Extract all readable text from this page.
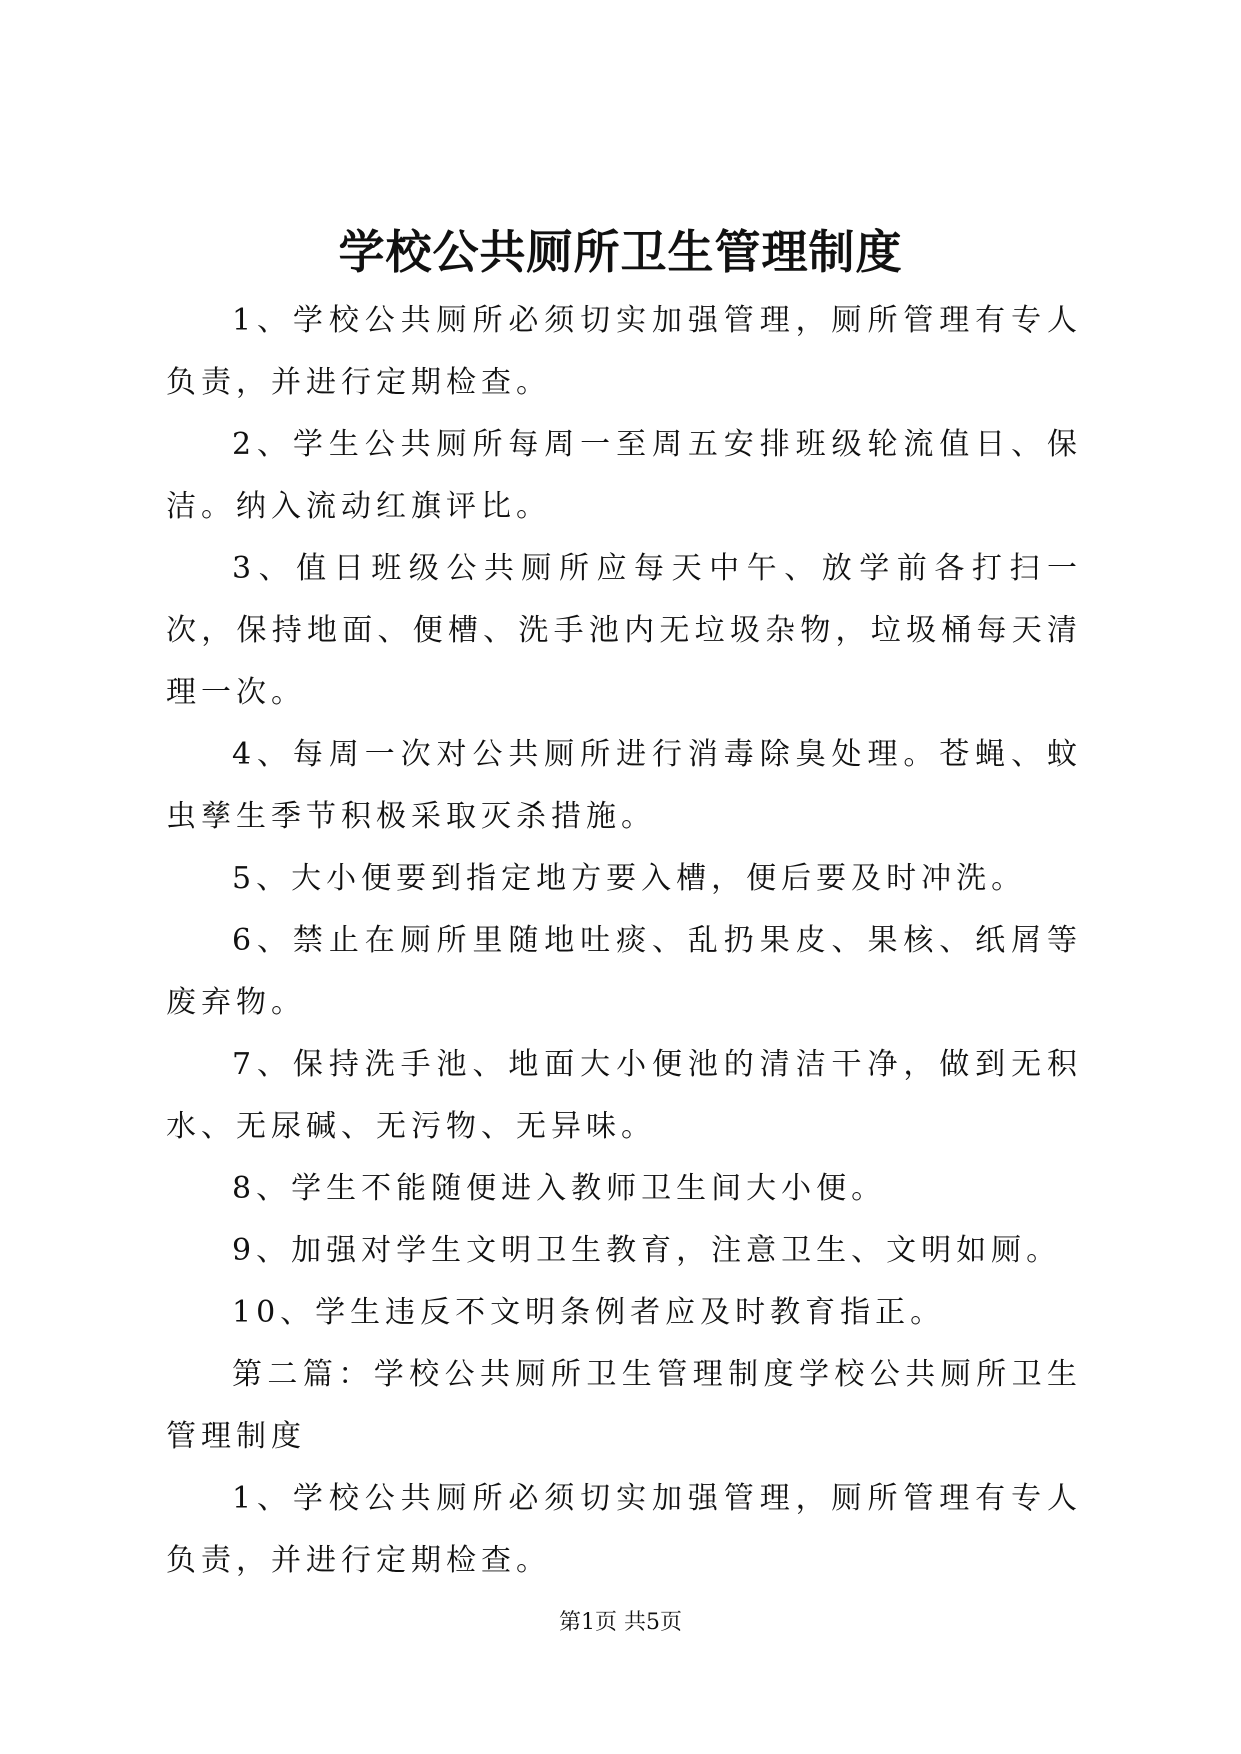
学校公共厕所卫生管理制度

1、学校公共厕所必须切实加强管理，厕所管理有专人负责，并进行定期检查。

2、学生公共厕所每周一至周五安排班级轮流值日、保洁。纳入流动红旗评比。

3、值日班级公共厕所应每天中午、放学前各打扫一次，保持地面、便槽、洗手池内无垃圾杂物，垃圾桶每天清理一次。

4、每周一次对公共厕所进行消毒除臭处理。苍蝇、蚊虫孳生季节积极采取灭杀措施。

5、大小便要到指定地方要入槽，便后要及时冲洗。

6、禁止在厕所里随地吐痰、乱扔果皮、果核、纸屑等废弃物。

7、保持洗手池、地面大小便池的清洁干净，做到无积水、无尿碱、无污物、无异味。

8、学生不能随便进入教师卫生间大小便。

9、加强对学生文明卫生教育，注意卫生、文明如厕。

10、学生违反不文明条例者应及时教育指正。

第二篇：学校公共厕所卫生管理制度学校公共厕所卫生管理制度

1、学校公共厕所必须切实加强管理，厕所管理有专人负责，并进行定期检查。

第1页 共5页
